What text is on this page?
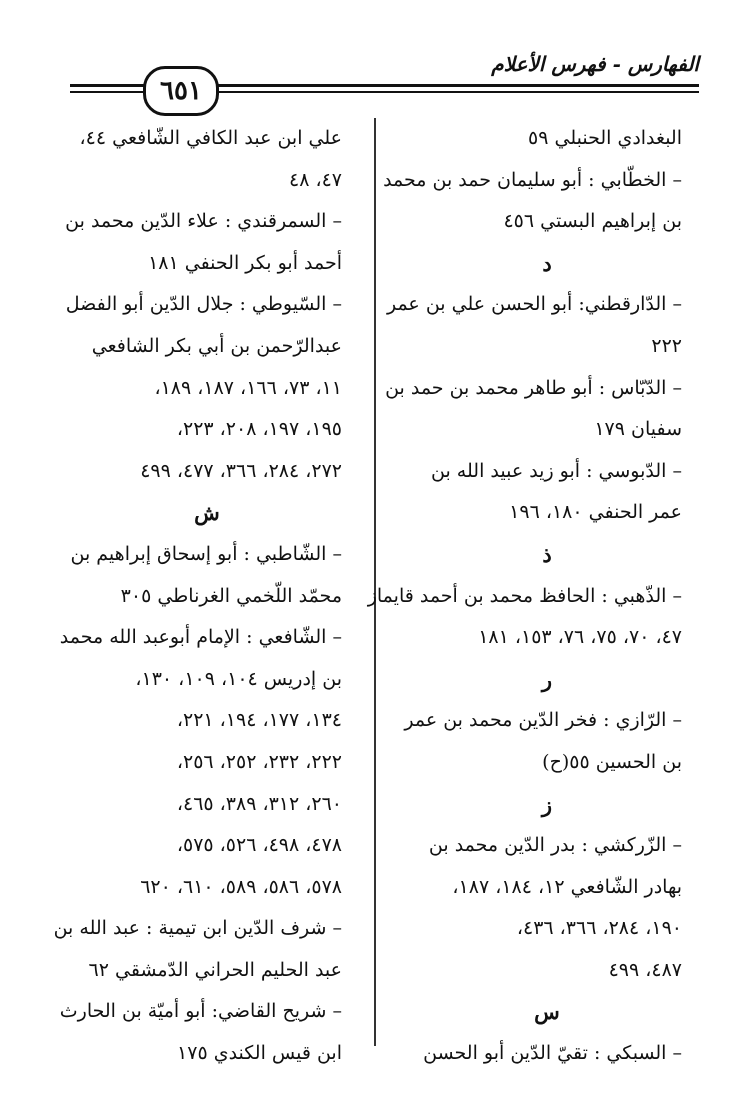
الفهارس - فهرس الأعلام
٦٥١
البغدادي الحنبلي ٥٩
– الخطّابي : أبو سليمان حمد بن محمد
بن إبراهيم البستي ٤٥٦
د
– الدّارقطني: أبو الحسن علي بن عمر
٢٢٢
– الدّبّاس : أبو طاهر محمد بن حمد بن
سفيان ١٧٩
– الدّبوسي : أبو زيد عبيد الله بن
عمر الحنفي ١٨٠، ١٩٦
ذ
– الذّهبي : الحافظ محمد بن أحمد قايماز
٤٧، ٧٠، ٧٥، ٧٦، ١٥٣، ١٨١
ر
– الرّازي : فخر الدّين محمد بن عمر
بن الحسين ٥٥(ح)
ز
– الزّركشي : بدر الدّين محمد بن
بهادر الشّافعي ١٢، ١٨٤، ١٨٧،
١٩٠، ٢٨٤، ٣٦٦، ٤٣٦،
٤٨٧، ٤٩٩
س
– السبكي : تقيّ الدّين أبو الحسن
علي ابن عبد الكافي الشّافعي ٤٤،
٤٧، ٤٨
– السمرقندي : علاء الدّين محمد بن
أحمد أبو بكر الحنفي ١٨١
– السّيوطي : جلال الدّين أبو الفضل
عبدالرّحمن بن أبي بكر الشافعي
١١، ٧٣، ١٦٦، ١٨٧، ١٨٩،
١٩٥، ١٩٧، ٢٠٨، ٢٢٣،
٢٧٢، ٢٨٤، ٣٦٦، ٤٧٧، ٤٩٩
ش
– الشّاطبي : أبو إسحاق إبراهيم بن
محمّد اللّخمي الغرناطي ٣٠٥
– الشّافعي : الإمام أبوعبد الله محمد
بن إدريس ١٠٤، ١٠٩، ١٣٠،
١٣٤، ١٧٧، ١٩٤، ٢٢١،
٢٢٢، ٢٣٢، ٢٥٢، ٢٥٦،
٢٦٠، ٣١٢، ٣٨٩، ٤٦٥،
٤٧٨، ٤٩٨، ٥٢٦، ٥٧٥،
٥٧٨، ٥٨٦، ٥٨٩، ٦١٠، ٦٢٠
– شرف الدّين ابن تيمية : عبد الله بن
عبد الحليم الحراني الدّمشقي ٦٢
– شريح القاضي: أبو أميّة بن الحارث
ابن قيس الكندي ١٧٥
